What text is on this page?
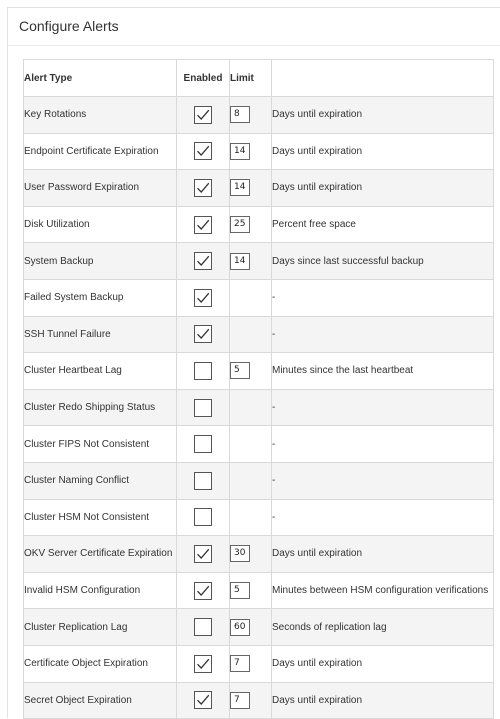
Configure Alerts
Alert Type	Enabled	Limit	
Key Rotations		8	Days until expiration
Endpoint Certificate Expiration		14	Days until expiration
User Password Expiration		14	Days until expiration
Disk Utilization		25	Percent free space
System Backup		14	Days since last successful backup
Failed System Backup			-
SSH Tunnel Failure			-
Cluster Heartbeat Lag		5	Minutes since the last heartbeat
Cluster Redo Shipping Status			-
Cluster FIPS Not Consistent			-
Cluster Naming Conflict			-
Cluster HSM Not Consistent			-
OKV Server Certificate Expiration		30	Days until expiration
Invalid HSM Configuration		5	Minutes between HSM configuration verifications
Cluster Replication Lag		60	Seconds of replication lag
Certificate Object Expiration		7	Days until expiration
Secret Object Expiration		7	Days until expiration
